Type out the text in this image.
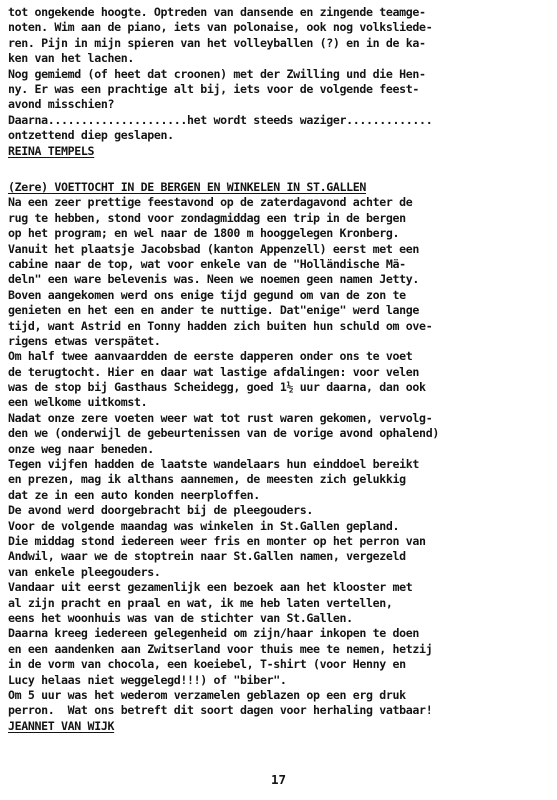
tot ongekende hoogte. Optreden van dansende en zingende teamge-
noten. Wim aan de piano, iets van polonaise, ook nog volksliede-
ren. Pijn in mijn spieren van het volleyballen (?) en in de ka-
ken van het lachen.
Nog gemiemd (of heet dat croonen) met der Zwilling und die Hen-
ny. Er was een prachtige alt bij, iets voor de volgende feest-
avond misschien?
Daarna.....................het wordt steeds waziger.............
ontzettend diep geslapen.
REINA TEMPELS
(Zere) VOETTOCHT IN DE BERGEN EN WINKELEN IN ST.GALLEN
Na een zeer prettige feestavond op de zaterdagavond achter de
rug te hebben, stond voor zondagmiddag een trip in de bergen
op het program; en wel naar de 1800 m hooggelegen Kronberg.
Vanuit het plaatsje Jacobsbad (kanton Appenzell) eerst met een
cabine naar de top, wat voor enkele van de "Holländische Mä-
deln" een ware belevenis was. Neen we noemen geen namen Jetty.
Boven aangekomen werd ons enige tijd gegund om van de zon te
genieten en het een en ander te nuttige. Dat"enige" werd lange
tijd, want Astrid en Tonny hadden zich buiten hun schuld om ove-
rigens etwas verspätet.
Om half twee aanvaardden de eerste dapperen onder ons te voet
de terugtocht. Hier en daar wat lastige afdalingen: voor velen
was de stop bij Gasthaus Scheidegg, goed 1½ uur daarna, dan ook
een welkome uitkomst.
Nadat onze zere voeten weer wat tot rust waren gekomen, vervolg-
den we (onderwijl de gebeurtenissen van de vorige avond ophalend)
onze weg naar beneden.
Tegen vijfen hadden de laatste wandelaars hun einddoel bereikt
en prezen, mag ik althans aannemen, de meesten zich gelukkig
dat ze in een auto konden neerploffen.
De avond werd doorgebracht bij de pleegouders.
Voor de volgende maandag was winkelen in St.Gallen gepland.
Die middag stond iedereen weer fris en monter op het perron van
Andwil, waar we de stoptrein naar St.Gallen namen, vergezeld
van enkele pleegouders.
Vandaar uit eerst gezamenlijk een bezoek aan het klooster met
al zijn pracht en praal en wat, ik me heb laten vertellen,
eens het woonhuis was van de stichter van St.Gallen.
Daarna kreeg iedereen gelegenheid om zijn/haar inkopen te doen
en een aandenken aan Zwitserland voor thuis mee te nemen, hetzij
in de vorm van chocola, een koeiebel, T-shirt (voor Henny en
Lucy helaas niet weggelegd!!!) of "biber".
Om 5 uur was het wederom verzamelen geblazen op een erg druk
perron.  Wat ons betreft dit soort dagen voor herhaling vatbaar!
JEANNET VAN WIJK
17
